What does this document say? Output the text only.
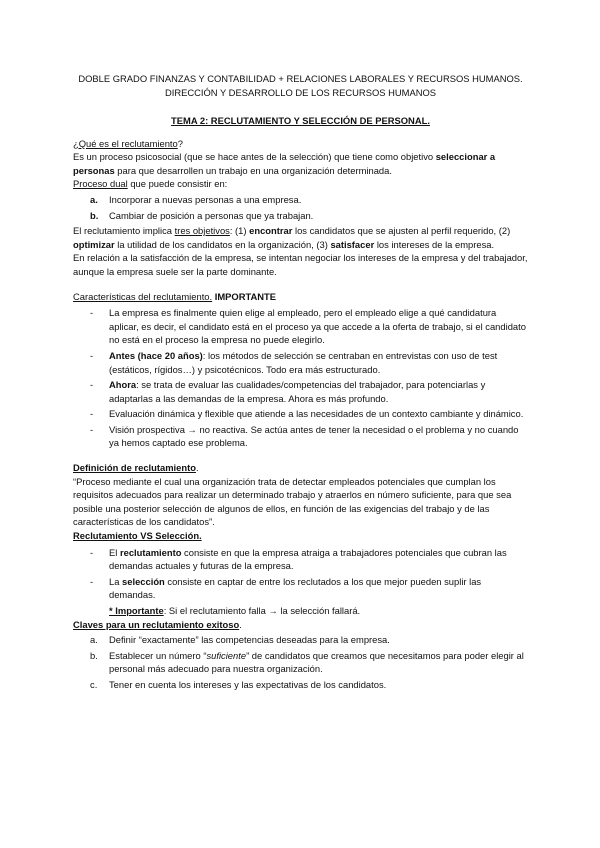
DOBLE GRADO FINANZAS Y CONTABILIDAD + RELACIONES LABORALES Y RECURSOS HUMANOS.
DIRECCIÓN Y DESARROLLO DE LOS RECURSOS HUMANOS
TEMA 2: RECLUTAMIENTO Y SELECCIÓN DE PERSONAL.

¿Qué es el reclutamiento?

Es un proceso psicosocial (que se hace antes de la selección) que tiene como objetivo seleccionar a personas para que desarrollen un trabajo en una organización determinada.

Proceso dual que puede consistir en:

a. Incorporar a nuevas personas a una empresa.
b. Cambiar de posición a personas que ya trabajan.

El reclutamiento implica tres objetivos: (1) encontrar los candidatos que se ajusten al perfil requerido, (2) optimizar la utilidad de los candidatos en la organización, (3) satisfacer los intereses de la empresa.

En relación a la satisfacción de la empresa, se intentan negociar los intereses de la empresa y del trabajador, aunque la empresa suele ser la parte dominante.

Características del reclutamiento. IMPORTANTE

- La empresa es finalmente quien elige al empleado, pero el empleado elige a qué candidatura aplicar, es decir, el candidato está en el proceso ya que accede a la oferta de trabajo, si el candidato no está en el proceso la empresa no puede elegirlo.
- Antes (hace 20 años): los métodos de selección se centraban en entrevistas con uso de test (estáticos, rígidos…) y psicotécnicos. Todo era más estructurado.
- Ahora: se trata de evaluar las cualidades/competencias del trabajador, para potenciarlas y adaptarlas a las demandas de la empresa. Ahora es más profundo.
- Evaluación dinámica y flexible que atiende a las necesidades de un contexto cambiante y dinámico.
- Visión prospectiva → no reactiva. Se actúa antes de tener la necesidad o el problema y no cuando ya hemos captado ese problema.

Definición de reclutamiento.

“Proceso mediante el cual una organización trata de detectar empleados potenciales que cumplan los requisitos adecuados para realizar un determinado trabajo y atraerlos en número suficiente, para que sea posible una posterior selección de algunos de ellos, en función de las exigencias del trabajo y de las características de los candidatos”.

Reclutamiento VS Selección.

- El reclutamiento consiste en que la empresa atraiga a trabajadores potenciales que cubran las demandas actuales y futuras de la empresa.
- La selección consiste en captar de entre los reclutados a los que mejor pueden suplir las demandas.

* Importante: Si el reclutamiento falla → la selección fallará.

Claves para un reclutamiento exitoso.

a. Definir “exactamente” las competencias deseadas para la empresa.
b. Establecer un número “suficiente” de candidatos que creamos que necesitamos para poder elegir al personal más adecuado para nuestra organización.
c. Tener en cuenta los intereses y las expectativas de los candidatos.
